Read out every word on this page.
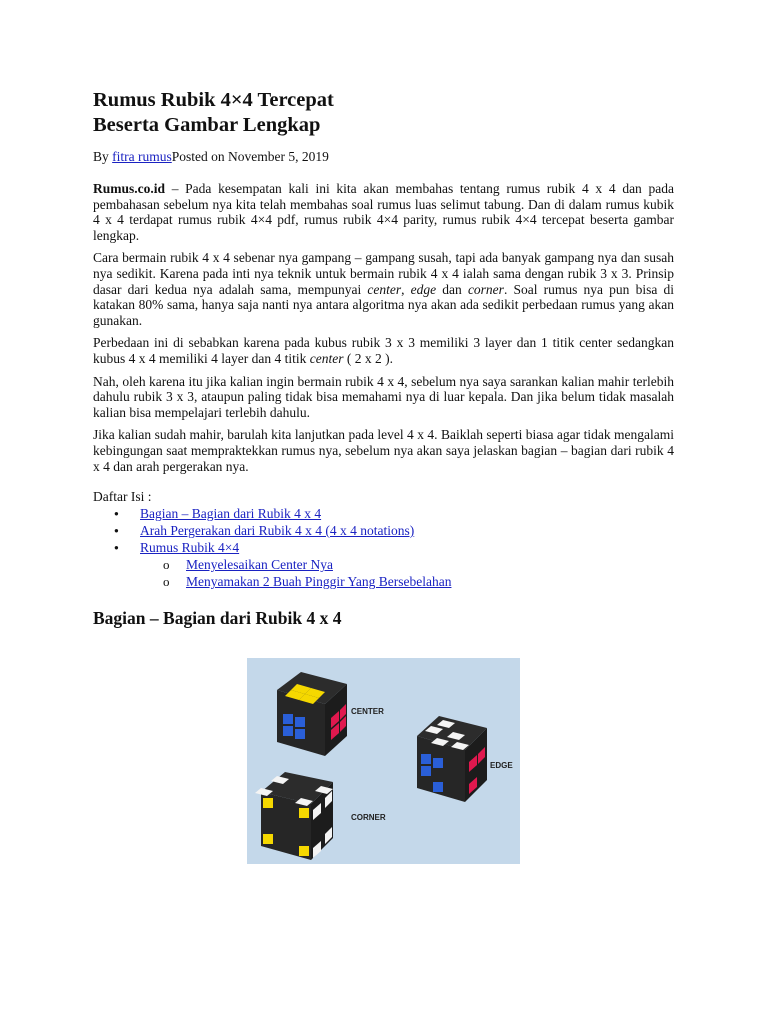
Rumus Rubik 4×4 Tercepat
Beserta Gambar Lengkap
By fitra rumusPosted on November 5, 2019

Rumus.co.id – Pada kesempatan kali ini kita akan membahas tentang rumus rubik 4 x 4 dan pada pembahasan sebelum nya kita telah membahas soal rumus luas selimut tabung. Dan di dalam rumus kubik 4 x 4 terdapat rumus rubik 4×4 pdf, rumus rubik 4×4 parity, rumus rubik 4×4 tercepat beserta gambar lengkap.

Cara bermain rubik 4 x 4 sebenar nya gampang – gampang susah, tapi ada banyak gampang nya dan susah nya sedikit. Karena pada inti nya teknik untuk bermain rubik 4 x 4 ialah sama dengan rubik 3 x 3. Prinsip dasar dari kedua nya adalah sama, mempunyai center, edge dan corner. Soal rumus nya pun bisa di katakan 80% sama, hanya saja nanti nya antara algoritma nya akan ada sedikit perbedaan rumus yang akan gunakan.

Perbedaan ini di sebabkan karena pada kubus rubik 3 x 3 memiliki 3 layer dan 1 titik center sedangkan kubus 4 x 4 memiliki 4 layer dan 4 titik center ( 2 x 2 ).

Nah, oleh karena itu jika kalian ingin bermain rubik 4 x 4, sebelum nya saya sarankan kalian mahir terlebih dahulu rubik 3 x 3, ataupun paling tidak bisa memahami nya di luar kepala. Dan jika belum tidak masalah kalian bisa mempelajari terlebih dahulu.

Jika kalian sudah mahir, barulah kita lanjutkan pada level 4 x 4. Baiklah seperti biasa agar tidak mengalami kebingungan saat mempraktekkan rumus nya, sebelum nya akan saya jelaskan bagian – bagian dari rubik 4 x 4 dan arah pergerakan nya.

Daftar Isi :
● Bagian – Bagian dari Rubik 4 x 4
● Arah Pergerakan dari Rubik 4 x 4 (4 x 4 notations)
● Rumus Rubik 4×4
o Menyelesaikan Center Nya
o Menyamakan 2 Buah Pinggir Yang Bersebelahan
Bagian – Bagian dari Rubik 4 x 4
CENTER
EDGE
CORNER
